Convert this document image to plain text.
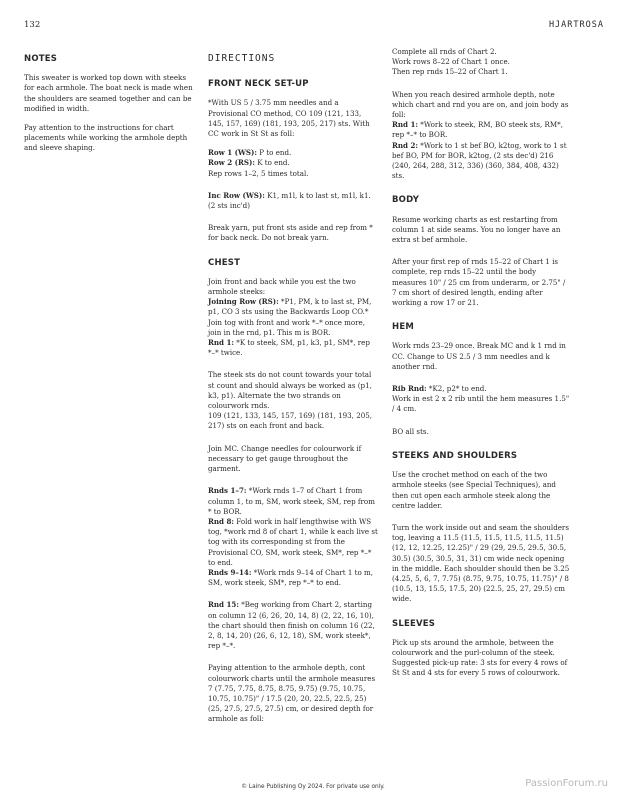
132	HJARTROSA
NOTES

This sweater is worked top down with steeks for each armhole. The boat neck is made when the shoulders are seamed together and can be modified in width.

Pay attention to the instructions for chart placements while working the armhole depth and sleeve shaping.

DIRECTIONS
FRONT NECK SET-UP

*With US 5 / 3.75 mm needles and a Provisional CO method, CO 109 (121, 133, 145, 157, 169) (181, 193, 205, 217) sts. With CC work in St St as foll:

Row 1 (WS): P to end.
Row 2 (RS): K to end.
Rep rows 1–2, 5 times total.

Inc Row (WS): K1, m1l, k to last st, m1l, k1.
(2 sts inc'd)

Break yarn, put front sts aside and rep from * for back neck. Do not break yarn.

CHEST

Join front and back while you est the two armhole steeks:
Joining Row (RS): *P1, PM, k to last st, PM, p1, CO 3 sts using the Backwards Loop CO.* Join tog with front and work *–* once more, join in the rnd, p1. This m is BOR.
Rnd 1: *K to steek, SM, p1, k3, p1, SM*, rep *–* twice.

The steek sts do not count towards your total st count and should always be worked as (p1, k3, p1). Alternate the two strands on colourwork rnds.
109 (121, 133, 145, 157, 169) (181, 193, 205, 217) sts on each front and back.

Join MC. Change needles for colourwork if necessary to get gauge throughout the garment.

Rnds 1–7: *Work rnds 1–7 of Chart 1 from column 1, to m, SM, work steek, SM, rep from * to BOR.
Rnd 8: Fold work in half lengthwise with WS tog, *work rnd 8 of chart 1, while k each live st tog with its corresponding st from the Provisional CO, SM, work steek, SM*, rep *–* to end.
Rnds 9–14: *Work rnds 9–14 of Chart 1 to m, SM, work steek, SM*, rep *–* to end.

Rnd 15: *Beg working from Chart 2, starting on column 12 (6, 26, 20, 14, 8) (2, 22, 16, 10), the chart should then finish on column 16 (22, 2, 8, 14, 20) (26, 6, 12, 18), SM, work steek*, rep *–*.

Paying attention to the armhole depth, cont colourwork charts until the armhole measures 7 (7.75, 7.75, 8.75, 8.75, 9.75) (9.75, 10.75, 10.75, 10.75)" / 17.5 (20, 20, 22.5, 22.5, 25) (25, 27.5, 27.5, 27.5) cm, or desired depth for armhole as foll:

Complete all rnds of Chart 2.
Work rows 8–22 of Chart 1 once.
Then rep rnds 15–22 of Chart 1.

When you reach desired armhole depth, note which chart and rnd you are on, and join body as foll:

Rnd 1: *Work to steek, RM, BO steek sts, RM*, rep *–* to BOR.
Rnd 2: *Work to 1 st bef BO, k2tog, work to 1 st bef BO, PM for BOR, k2tog, (2 sts dec'd) 216 (240, 264, 288, 312, 336) (360, 384, 408, 432) sts.

BODY

Resume working charts as est restarting from column 1 at side seams. You no longer have an extra st bef armhole.

After your first rep of rnds 15–22 of Chart 1 is complete, rep rnds 15–22 until the body measures 10" / 25 cm from underarm, or 2.75" / 7 cm short of desired length, ending after working a row 17 or 21.

HEM

Work rnds 23–29 once. Break MC and k 1 rnd in CC. Change to US 2.5 / 3 mm needles and k another rnd.

Rib Rnd: *K2, p2* to end.
Work in est 2 x 2 rib until the hem measures 1.5" / 4 cm.

BO all sts.

STEEKS AND SHOULDERS

Use the crochet method on each of the two armhole steeks (see Special Techniques), and then cut open each armhole steek along the centre ladder.

Turn the work inside out and seam the shoulders tog, leaving a 11.5 (11.5, 11.5, 11.5, 11.5, 11.5) (12, 12, 12.25, 12.25)" / 29 (29, 29.5, 29.5, 30.5, 30.5) (30.5, 30.5, 31, 31) cm wide neck opening in the middle. Each shoulder should then be 3.25 (4.25, 5, 6, 7, 7.75) (8.75, 9.75, 10.75, 11.75)" / 8 (10.5, 13, 15.5, 17.5, 20) (22.5, 25, 27, 29.5) cm wide.

SLEEVES

Pick up sts around the armhole, between the colourwork and the purl-column of the steek. Suggested pick-up rate: 3 sts for every 4 rows of St St and 4 sts for every 5 rows of colourwork.

© Laine Publishing Oy 2024. For private use only.	PassionForum.ru
